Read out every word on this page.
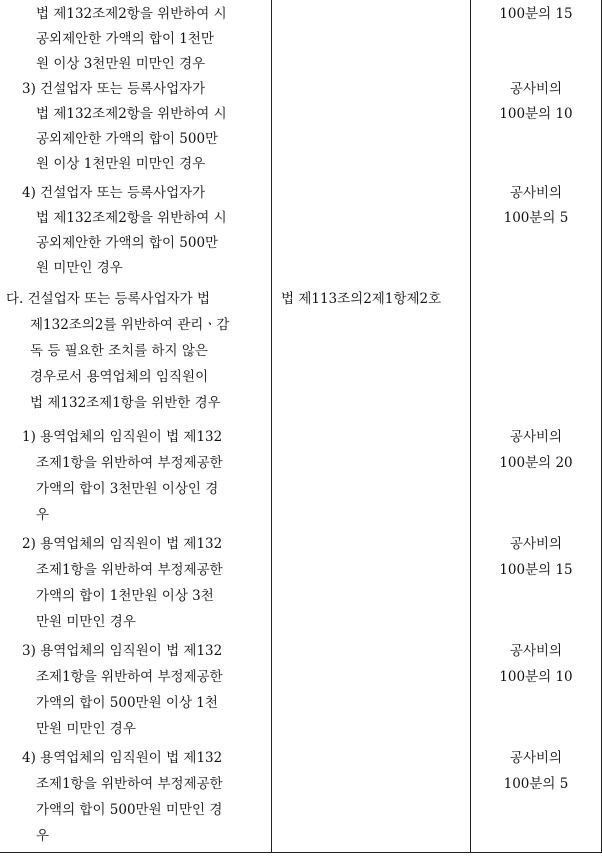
법 제132조제2항을 위반하여 시
공외제안한 가액의 합이 1천만
원 이상 3천만원 미만인 경우
100분의 15
3) 건설업자 또는 등록사업자가
법 제132조제2항을 위반하여 시
공외제안한 가액의 합이 500만
원 이상 1천만원 미만인 경우
공사비의
100분의 10
4) 건설업자 또는 등록사업자가
법 제132조제2항을 위반하여 시
공외제안한 가액의 합이 500만
원 미만인 경우
공사비의
100분의 5
다. 건설업자 또는 등록사업자가 법
제132조의2를 위반하여 관리ㆍ감
독 등 필요한 조치를 하지 않은
경우로서 용역업체의 임직원이
법 제132조제1항을 위반한 경우
법 제113조의2제1항제2호
1) 용역업체의 임직원이 법 제132
조제1항을 위반하여 부정제공한
가액의 합이 3천만원 이상인 경
우
공사비의
100분의 20
2) 용역업체의 임직원이 법 제132
조제1항을 위반하여 부정제공한
가액의 합이 1천만원 이상 3천
만원 미만인 경우
공사비의
100분의 15
3) 용역업체의 임직원이 법 제132
조제1항을 위반하여 부정제공한
가액의 합이 500만원 이상 1천
만원 미만인 경우
공사비의
100분의 10
4) 용역업체의 임직원이 법 제132
조제1항을 위반하여 부정제공한
가액의 합이 500만원 미만인 경
우
공사비의
100분의 5
